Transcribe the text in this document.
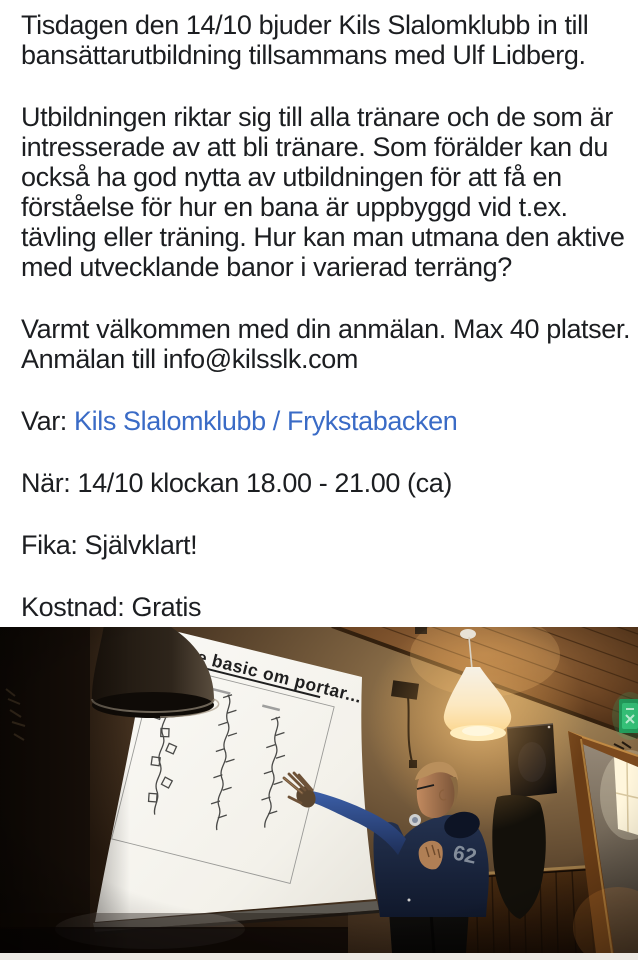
Tisdagen den 14/10 bjuder Kils Slalomklubb in till
bansättarutbildning tillsammans med Ulf Lidberg.

Utbildningen riktar sig till alla tränare och de som är
intresserade av att bli tränare. Som förälder kan du
också ha god nytta av utbildningen för att få en
förståelse för hur en bana är uppbyggd vid t.ex.
tävling eller träning. Hur kan man utmana den aktive
med utvecklande banor i varierad terräng?

Varmt välkommen med din anmälan. Max 40 platser.
Anmälan till info@kilsslk.com

Var: Kils Slalomklubb / Frykstabacken

När: 14/10 klockan 18.00 - 21.00 (ca)

Fika: Självklart!

Kostnad: Gratis
